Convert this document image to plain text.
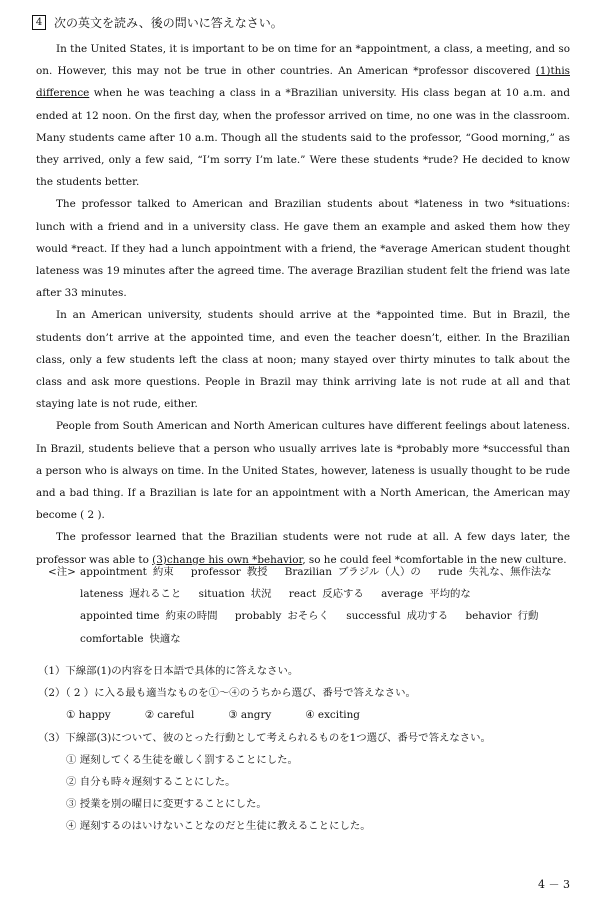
4 次の英文を読み、後の問いに答えなさい。

In the United States, it is important to be on time for an *appointment, a class, a meeting, and so on. However, this may not be true in other countries. An American *professor discovered (1)this difference when he was teaching a class in a *Brazilian university. His class began at 10 a.m. and ended at 12 noon. On the first day, when the professor arrived on time, no one was in the classroom. Many students came after 10 a.m. Though all the students said to the professor, “Good morning,” as they arrived, only a few said, “I’m sorry I’m late.” Were these students *rude? He decided to know the students better.

The professor talked to American and Brazilian students about *lateness in two *situations: lunch with a friend and in a university class. He gave them an example and asked them how they would *react. If they had a lunch appointment with a friend, the *average American student thought lateness was 19 minutes after the agreed time. The average Brazilian student felt the friend was late after 33 minutes.

In an American university, students should arrive at the *appointed time. But in Brazil, the students don’t arrive at the appointed time, and even the teacher doesn’t, either. In the Brazilian class, only a few students left the class at noon; many stayed over thirty minutes to talk about the class and ask more questions. People in Brazil may think arriving late is not rude at all and that staying late is not rude, either.

People from South American and North American cultures have different feelings about lateness. In Brazil, students believe that a person who usually arrives late is *probably more *successful than a person who is always on time. In the United States, however, lateness is usually thought to be rude and a bad thing. If a Brazilian is late for an appointment with a North American, the American may become ( 2 ).

The professor learned that the Brazilian students were not rude at all. A few days later, the professor was able to (3)change his own *behavior, so he could feel *comfortable in the new culture.

<注> appointment 約束 professor 教授 Brazilian ブラジル（人）の rude 失礼な、無作法な
lateness 遅れること situation 状況 react 反応する average 平均的な
appointed time 約束の時間 probably おそらく successful 成功する behavior 行動
comfortable 快適な
（1）下線部(1)の内容を日本語で具体的に答えなさい。
（2）（ 2 ）に入る最も適当なものを①～④のうちから選び、番号で答えなさい。
① happy	② careful	③ angry	④ exciting
（3）下線部(3)について、彼のとった行動として考えられるものを1つ選び、番号で答えなさい。
① 遅刻してくる生徒を厳しく罰することにした。
② 自分も時々遅刻することにした。
③ 授業を別の曜日に変更することにした。
④ 遅刻するのはいけないことなのだと生徒に教えることにした。
4 － 3
